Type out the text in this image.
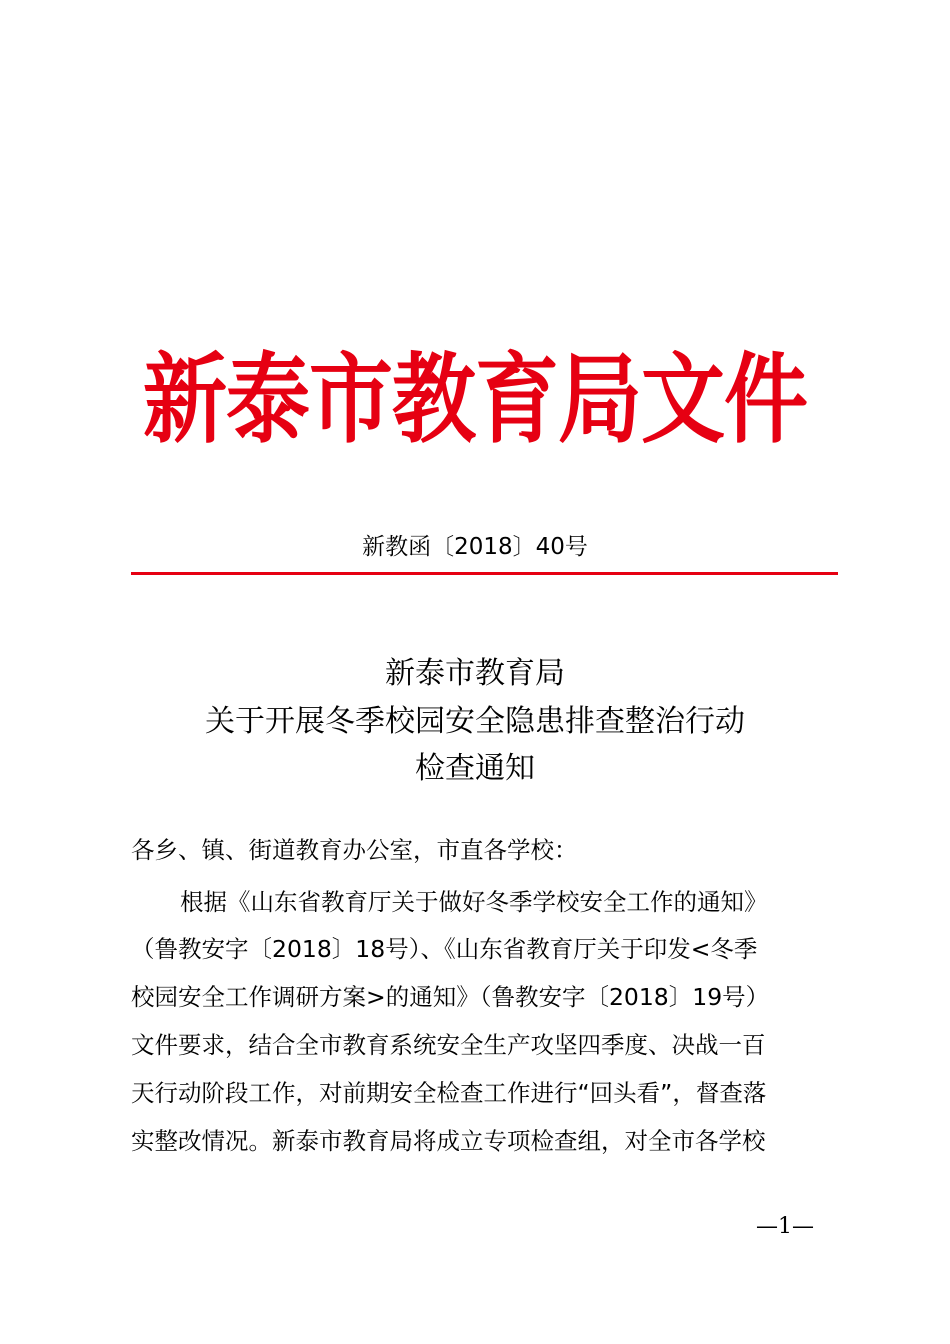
新泰市教育局文件
新教函〔2018〕40号
新泰市教育局
关于开展冬季校园安全隐患排查整治行动
检查通知
各乡、镇、街道教育办公室，市直各学校：
根据《山东省教育厅关于做好冬季学校安全工作的通知》
（鲁教安字〔2018〕18号）、《山东省教育厅关于印发<冬季
校园安全工作调研方案>的通知》（鲁教安字〔2018〕19号）
文件要求，结合全市教育系统安全生产攻坚四季度、决战一百
天行动阶段工作，对前期安全检查工作进行“回头看”，督查落
实整改情况。新泰市教育局将成立专项检查组，对全市各学校
—1—
